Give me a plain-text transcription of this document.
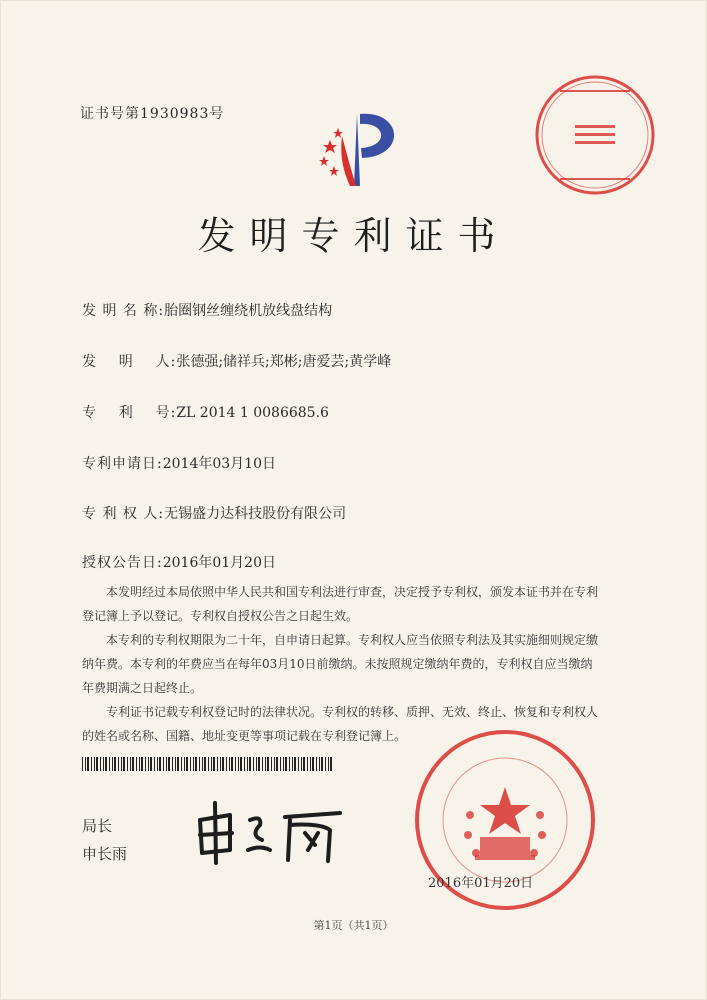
证书号第1930983号
发明专利证书
发 明 名 称:胎圈钢丝缠绕机放线盘结构
发    明    人:张德强;储祥兵;郑彬;唐爱芸;黄学峰
专    利    号:ZL 2014 1 0086685.6
专利申请日:2014年03月10日
专 利 权 人:无锡盛力达科技股份有限公司
授权公告日:2016年01月20日

本发明经过本局依照中华人民共和国专利法进行审查，决定授予专利权，颁发本证书并在专利登记簿上予以登记。专利权自授权公告之日起生效。

本专利的专利权期限为二十年，自申请日起算。专利权人应当依照专利法及其实施细则规定缴纳年费。本专利的年费应当在每年03月10日前缴纳。未按照规定缴纳年费的，专利权自应当缴纳年费期满之日起终止。

专利证书记载专利权登记时的法律状况。专利权的转移、质押、无效、终止、恢复和专利权人的姓名或名称、国籍、地址变更等事项记载在专利登记簿上。

局长
申长雨
2016年01月20日
第1页（共1页）
